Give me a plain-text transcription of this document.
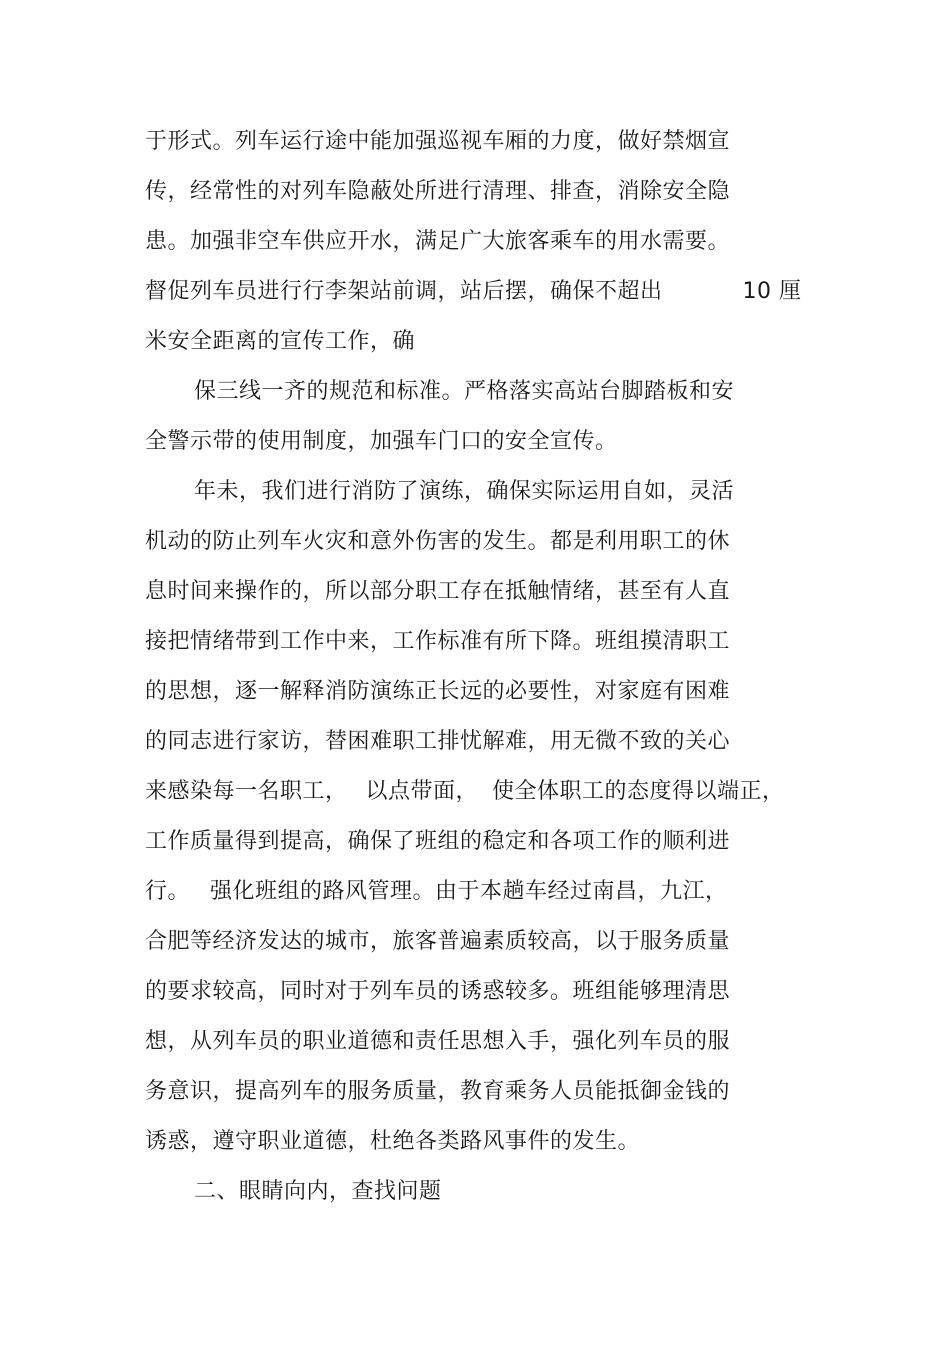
于形式。列车运行途中能加强巡视车厢的力度，做好禁烟宣
传，经常性的对列车隐蔽处所进行清理、排查，消除安全隐
患。加强非空车供应开水，满足广大旅客乘车的用水需要。
督促列车员进行行李架站前调，站后摆，确保不超出	10 厘
米安全距离的宣传工作，确
保三线一齐的规范和标准。严格落实高站台脚踏板和安
全警示带的使用制度，加强车门口的安全宣传。
年未，我们进行消防了演练，确保实际运用自如，灵活
机动的防止列车火灾和意外伤害的发生。都是利用职工的休
息时间来操作的，所以部分职工存在抵触情绪，甚至有人直
接把情绪带到工作中来，工作标准有所下降。班组摸清职工
的思想，逐一解释消防演练正长远的必要性，对家庭有困难
的同志进行家访，替困难职工排忧解难，用无微不致的关心
来感染每一名职工， 以点带面， 使全体职工的态度得以端正，
工作质量得到提高，确保了班组的稳定和各项工作的顺利进
行。 强化班组的路风管理。由于本趟车经过南昌，九江，
合肥等经济发达的城市，旅客普遍素质较高，以于服务质量
的要求较高，同时对于列车员的诱惑较多。班组能够理清思
想，从列车员的职业道德和责任思想入手，强化列车员的服
务意识，提高列车的服务质量，教育乘务人员能抵御金钱的
诱惑，遵守职业道德，杜绝各类路风事件的发生。
二、眼睛向内，查找问题
